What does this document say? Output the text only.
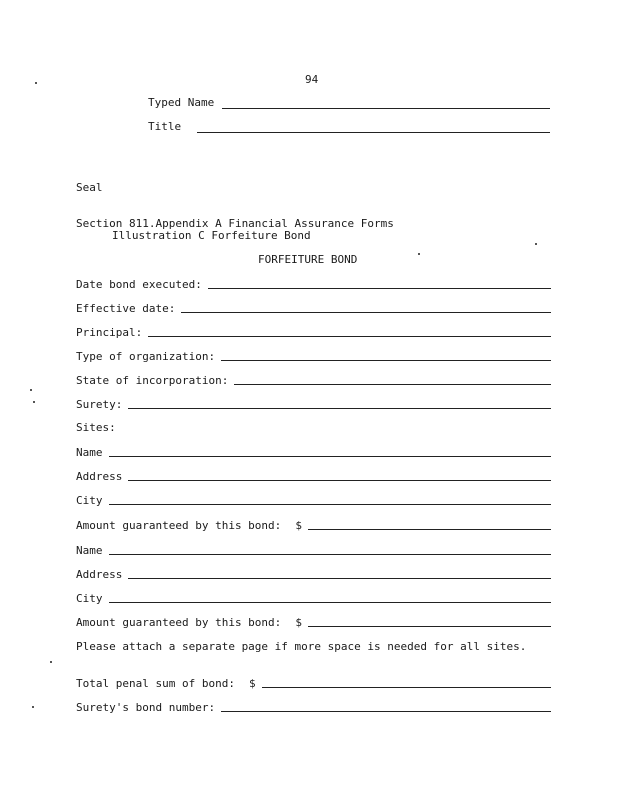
94
Typed Name
Title
Seal
Section 811.Appendix A Financial Assurance Forms
Illustration C Forfeiture Bond
FORFEITURE BOND
Date bond executed:
Effective date:
Principal:
Type of organization:
State of incorporation:
Surety:
Sites:
Name
Address
City
Amount guaranteed by this bond: $
Name
Address
City
Amount guaranteed by this bond: $
Please attach a separate page if more space is needed for all sites.
Total penal sum of bond: $
Surety's bond number:
